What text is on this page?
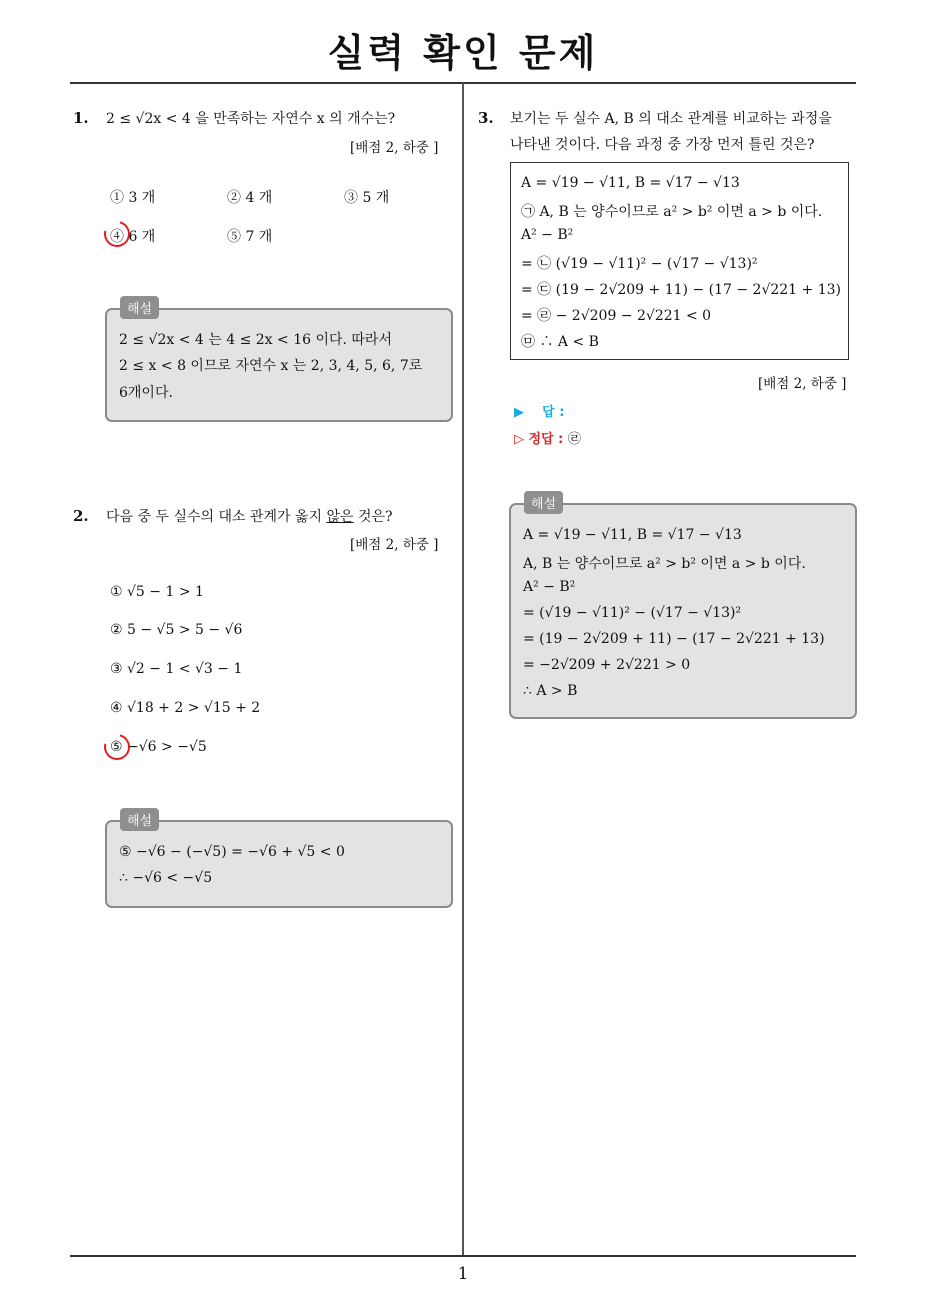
실력 확인 문제
1
1. 2 ≤ √2x < 4 을 만족하는 자연수 x 의 개수는?
[배점 2, 하중 ]
① 3 개	② 4 개	③ 5 개
④ 6 개	⑤ 7 개
2 ≤ √2x < 4 는 4 ≤ 2x < 16 이다. 따라서
2 ≤ x < 8 이므로 자연수 x 는 2, 3, 4, 5, 6, 7로
6개이다.
해설
2. 다음 중 두 실수의 대소 관계가 옳지 않은 것은?
[배점 2, 하중 ]
① √5 − 1 > 1
② 5 − √5 > 5 − √6
③ √2 − 1 < √3 − 1
④ √18 + 2 > √15 + 2
⑤ −√6 > −√5
⑤ −√6 − (−√5) = −√6 + √5 < 0
∴ −√6 < −√5
해설
3. 보기는 두 실수 A, B 의 대소 관계를 비교하는 과정을
나타낸 것이다. 다음 과정 중 가장 먼저 틀린 것은?
A = √19 − √11, B = √17 − √13
㉠ A, B 는 양수이므로 a² > b² 이면 a > b 이다.
A² − B²
= ㉡ (√19 − √11)² − (√17 − √13)²
= ㉢ (19 − 2√209 + 11) − (17 − 2√221 + 13)
= ㉣ − 2√209 − 2√221 < 0
㉤ ∴ A < B
[배점 2, 하중 ]
▶ 답 :
▷ 정답 : ㉣
A = √19 − √11, B = √17 − √13
A, B 는 양수이므로 a² > b² 이면 a > b 이다.
A² − B²
= (√19 − √11)² − (√17 − √13)²
= (19 − 2√209 + 11) − (17 − 2√221 + 13)
= −2√209 + 2√221 > 0
∴ A > B
해설
